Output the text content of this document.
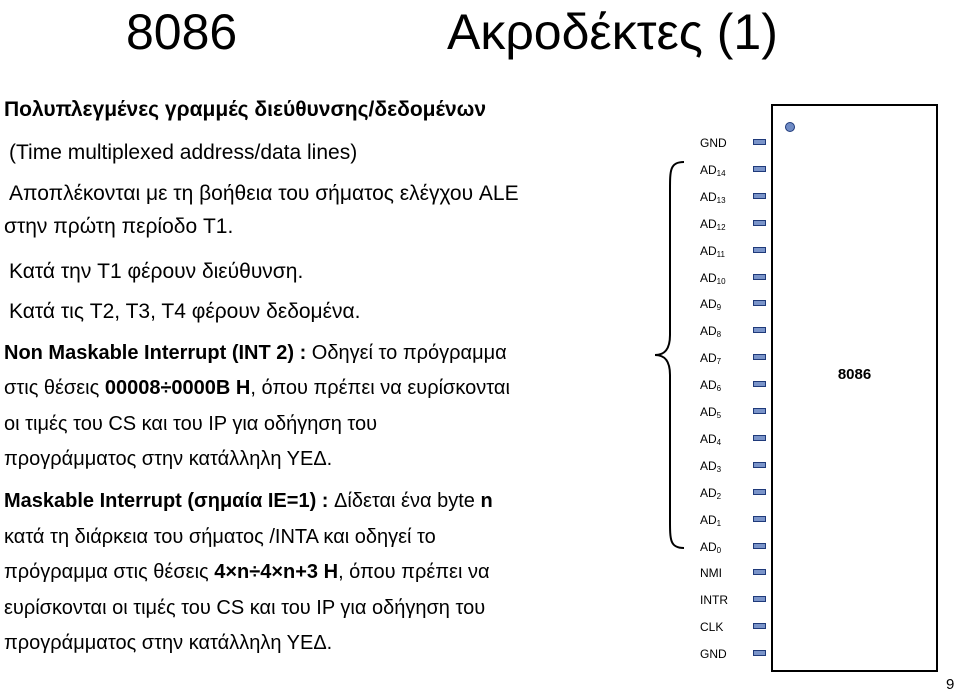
8086	Ακροδέκτες (1)
Πολυπλεγμένες γραμμές διεύθυνσης/δεδομένων
(Time multiplexed address/data lines)
Αποπλέκονται με τη βοήθεια του σήματος ελέγχου ALE
στην πρώτη περίοδο T1.
Κατά την T1 φέρουν διεύθυνση.
Κατά τις T2, T3, T4 φέρουν δεδομένα.
Non Maskable Interrupt (INT 2) : Οδηγεί το πρόγραμμα
στις θέσεις 00008÷0000B H, όπου πρέπει να ευρίσκονται
οι τιμές του CS και του IP για οδήγηση του
προγράμματος στην κατάλληλη ΥΕΔ.
Maskable Interrupt (σημαία IE=1) : Δίδεται ένα byte n
κατά τη διάρκεια του σήματος /INTA και οδηγεί το
πρόγραμμα στις θέσεις 4×n÷4×n+3 H, όπου πρέπει να
ευρίσκονται οι τιμές του CS και του IP για οδήγηση του
προγράμματος στην κατάλληλη ΥΕΔ.
GND
$AD_{14}$
$AD_{13}$
$AD_{12}$
$AD_{11}$
$AD_{10}$
$AD_9$
$AD_8$
$AD_7$
$AD_6$
$AD_5$
$AD_4$
$AD_3$
$AD_2$
$AD_1$
$AD_0$
NMI
INTR
CLK
GND
8086
9
